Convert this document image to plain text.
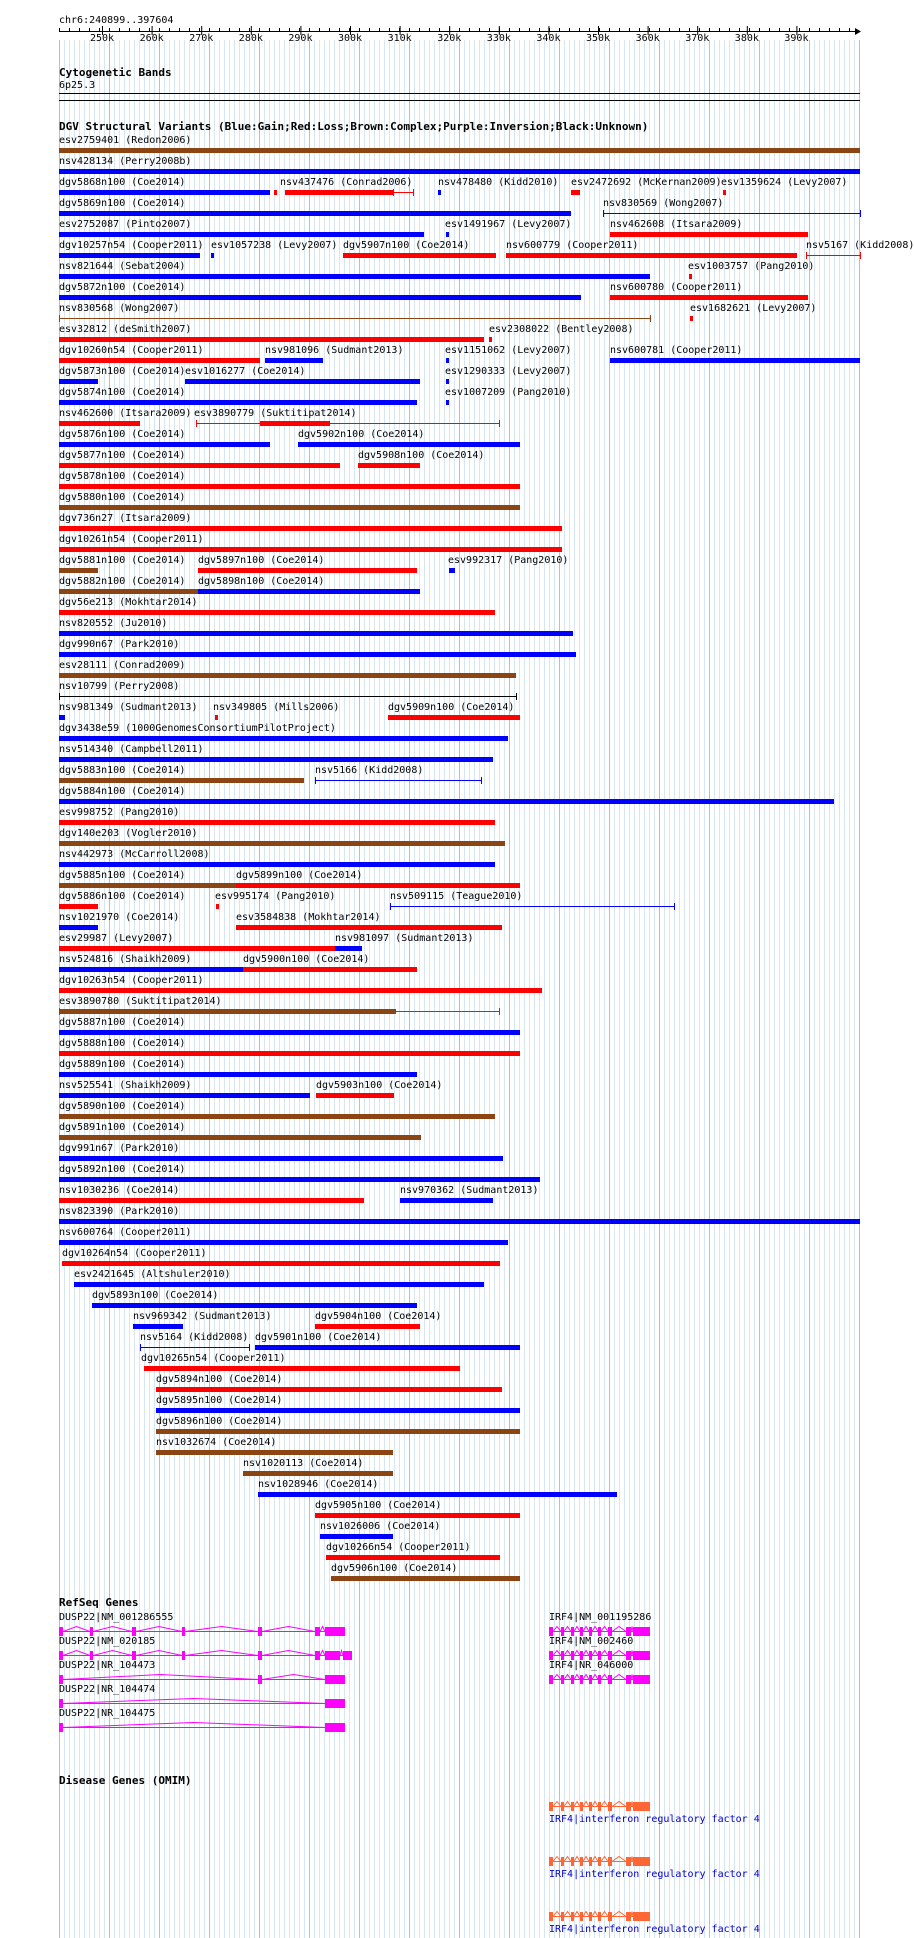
chr6:240899..397604
250k	260k	270k	280k	290k	300k	310k	320k	330k	340k	350k	360k	370k	380k	390k
Cytogenetic Bands
6p25.3
DGV Structural Variants (Blue:Gain;Red:Loss;Brown:Complex;Purple:Inversion;Black:Unknown)
esv2759401 (Redon2006)
nsv428134 (Perry2008b)
dgv5868n100 (Coe2014)	nsv437476 (Conrad2006)	nsv478480 (Kidd2010) esv2472692 (McKernan2009) esv1359624 (Levy2007)
dgv5869n100 (Coe2014)	nsv830569 (Wong2007)
esv2752087 (Pinto2007)	esv1491967 (Levy2007)	nsv462608 (Itsara2009)
dgv10257n54 (Cooper2011) esv1057238 (Levy2007) dgv5907n100 (Coe2014)	nsv600779 (Cooper2011)	nsv5167 (Kidd2008)
nsv821644 (Sebat2004)	esv1003757 (Pang2010)
dgv5872n100 (Coe2014)	nsv600780 (Cooper2011)
nsv830568 (Wong2007)	esv1682621 (Levy2007)
esv32812 (deSmith2007)	esv2308022 (Bentley2008)
dgv10260n54 (Cooper2011)	nsv981096 (Sudmant2013)	esv1151062 (Levy2007)	nsv600781 (Cooper2011)
dgv5873n100 (Coe2014) esv1016277 (Coe2014)	esv1290333 (Levy2007)
dgv5874n100 (Coe2014)	esv1007209 (Pang2010)
nsv462600 (Itsara2009) esv3890779 (Suktitipat2014)
dgv5876n100 (Coe2014)	dgv5902n100 (Coe2014)
dgv5877n100 (Coe2014)	dgv5908n100 (Coe2014)
dgv5878n100 (Coe2014)
dgv5880n100 (Coe2014)
dgv736n27 (Itsara2009)
dgv10261n54 (Cooper2011)
dgv5881n100 (Coe2014) dgv5897n100 (Coe2014)	esv992317 (Pang2010)
dgv5882n100 (Coe2014) dgv5898n100 (Coe2014)
dgv56e213 (Mokhtar2014)
nsv820552 (Ju2010)
dgv990n67 (Park2010)
esv28111 (Conrad2009)
nsv10799 (Perry2008)
nsv981349 (Sudmant2013) nsv349805 (Mills2006)	dgv5909n100 (Coe2014)
dgv3438e59 (1000GenomesConsortiumPilotProject)
nsv514340 (Campbell2011)
dgv5883n100 (Coe2014)	nsv5166 (Kidd2008)
dgv5884n100 (Coe2014)
esv998752 (Pang2010)
dgv140e203 (Vogler2010)
nsv442973 (McCarroll2008)
dgv5885n100 (Coe2014)	dgv5899n100 (Coe2014)
dgv5886n100 (Coe2014)	esv995174 (Pang2010)	nsv509115 (Teague2010)
nsv1021970 (Coe2014)	esv3584838 (Mokhtar2014)
esv29987 (Levy2007)	nsv981097 (Sudmant2013)
nsv524816 (Shaikh2009)	dgv5900n100 (Coe2014)
dgv10263n54 (Cooper2011)
esv3890780 (Suktitipat2014)
dgv5887n100 (Coe2014)
dgv5888n100 (Coe2014)
dgv5889n100 (Coe2014)
nsv525541 (Shaikh2009)	dgv5903n100 (Coe2014)
dgv5890n100 (Coe2014)
dgv5891n100 (Coe2014)
dgv991n67 (Park2010)
dgv5892n100 (Coe2014)
nsv1030236 (Coe2014)	nsv970362 (Sudmant2013)
nsv823390 (Park2010)
nsv600764 (Cooper2011)
dgv10264n54 (Cooper2011)
esv2421645 (Altshuler2010)
dgv5893n100 (Coe2014)
nsv969342 (Sudmant2013)	dgv5904n100 (Coe2014)
nsv5164 (Kidd2008) dgv5901n100 (Coe2014)
dgv10265n54 (Cooper2011)
dgv5894n100 (Coe2014)
dgv5895n100 (Coe2014)
dgv5896n100 (Coe2014)
nsv1032674 (Coe2014)
nsv1020113 (Coe2014)
nsv1028946 (Coe2014)
dgv5905n100 (Coe2014)
nsv1026006 (Coe2014)
dgv10266n54 (Cooper2011)
dgv5906n100 (Coe2014)
RefSeq Genes
DUSP22|NM_001286555
DUSP22|NM_020185
DUSP22|NR_104473
DUSP22|NR_104474
DUSP22|NR_104475
IRF4|NM_001195286
IRF4|NM_002460
IRF4|NR_046000
Disease Genes (OMIM)
IRF4|interferon regulatory factor 4
IRF4|interferon regulatory factor 4
IRF4|interferon regulatory factor 4
